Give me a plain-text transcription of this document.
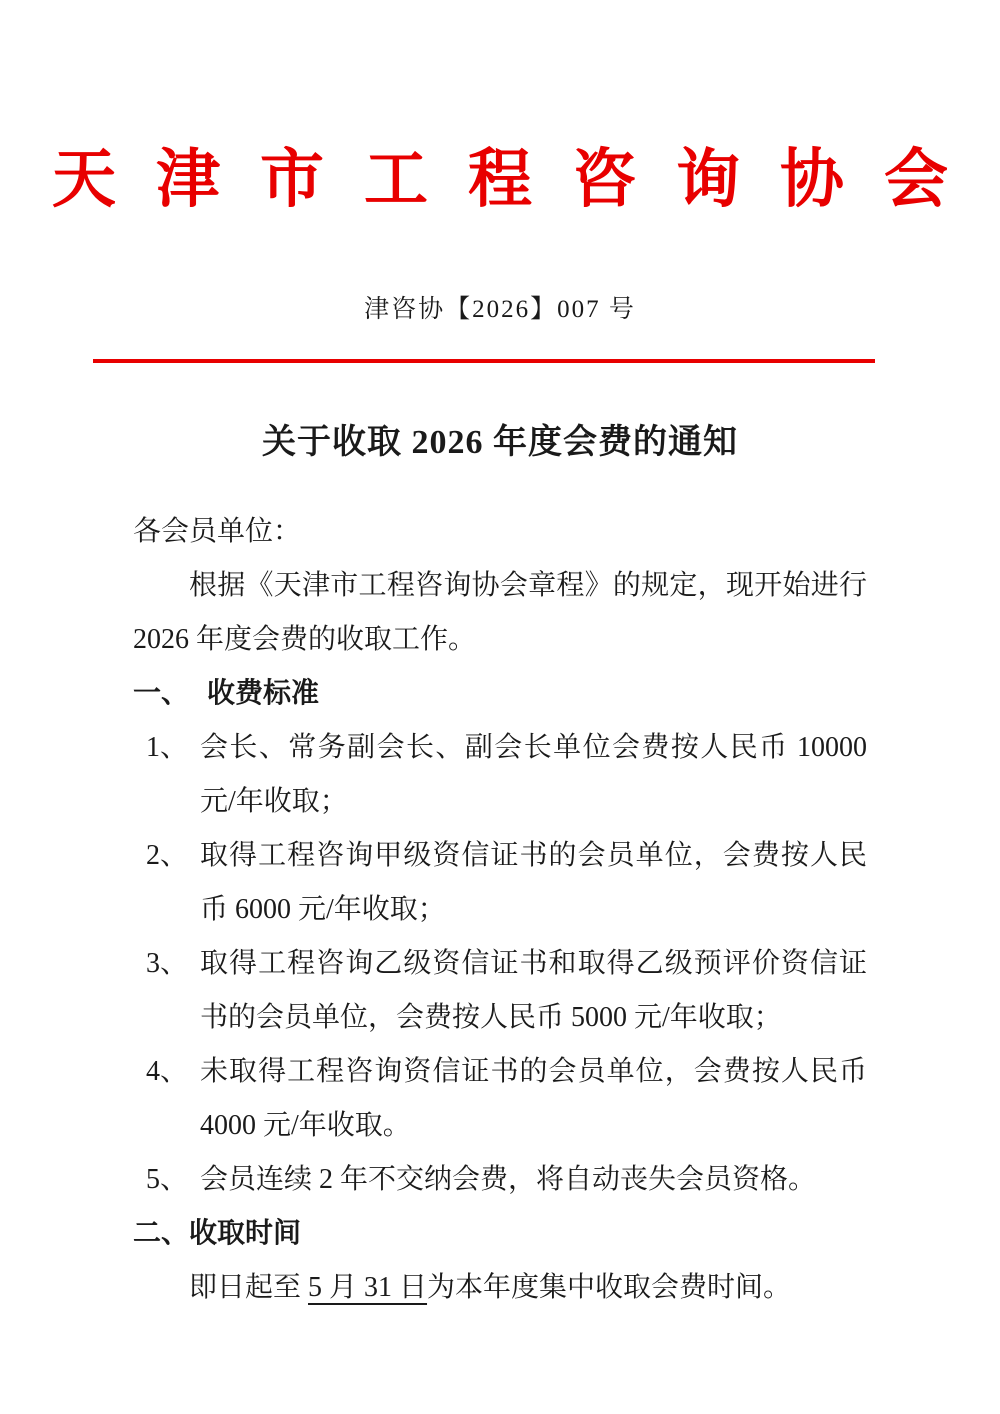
天 津 市 工 程 咨 询 协 会
津咨协【2026】007 号
关于收取 2026 年度会费的通知

各会员单位：

根据《天津市工程咨询协会章程》的规定，现开始进行 2026 年度会费的收取工作。

一、 收费标准
1、 会长、常务副会长、副会长单位会费按人民币 10000 元/年收取；
2、 取得工程咨询甲级资信证书的会员单位，会费按人民币 6000 元/年收取；
3、 取得工程咨询乙级资信证书和取得乙级预评价资信证书的会员单位，会费按人民币 5000 元/年收取；
4、 未取得工程咨询资信证书的会员单位，会费按人民币 4000 元/年收取。
5、 会员连续 2 年不交纳会费，将自动丧失会员资格。
二、 收取时间

即日起至 5 月 31 日为本年度集中收取会费时间。
